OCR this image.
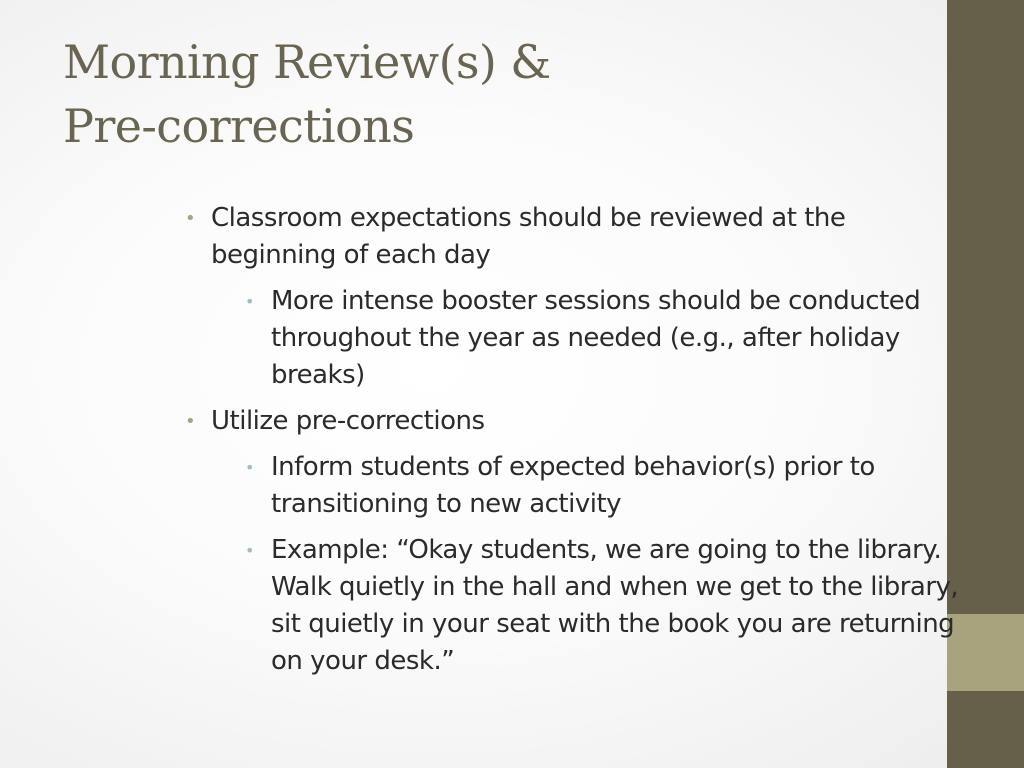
Morning Review(s) &
Pre-corrections
• Classroom expectations should be reviewed at the beginning of each day
• More intense booster sessions should be conducted throughout the year as needed (e.g., after holiday breaks)
• Utilize pre-corrections
• Inform students of expected behavior(s) prior to transitioning to new activity
• Example: “Okay students, we are going to the library. Walk quietly in the hall and when we get to the library, sit quietly in your seat with the book you are returning on your desk.”
